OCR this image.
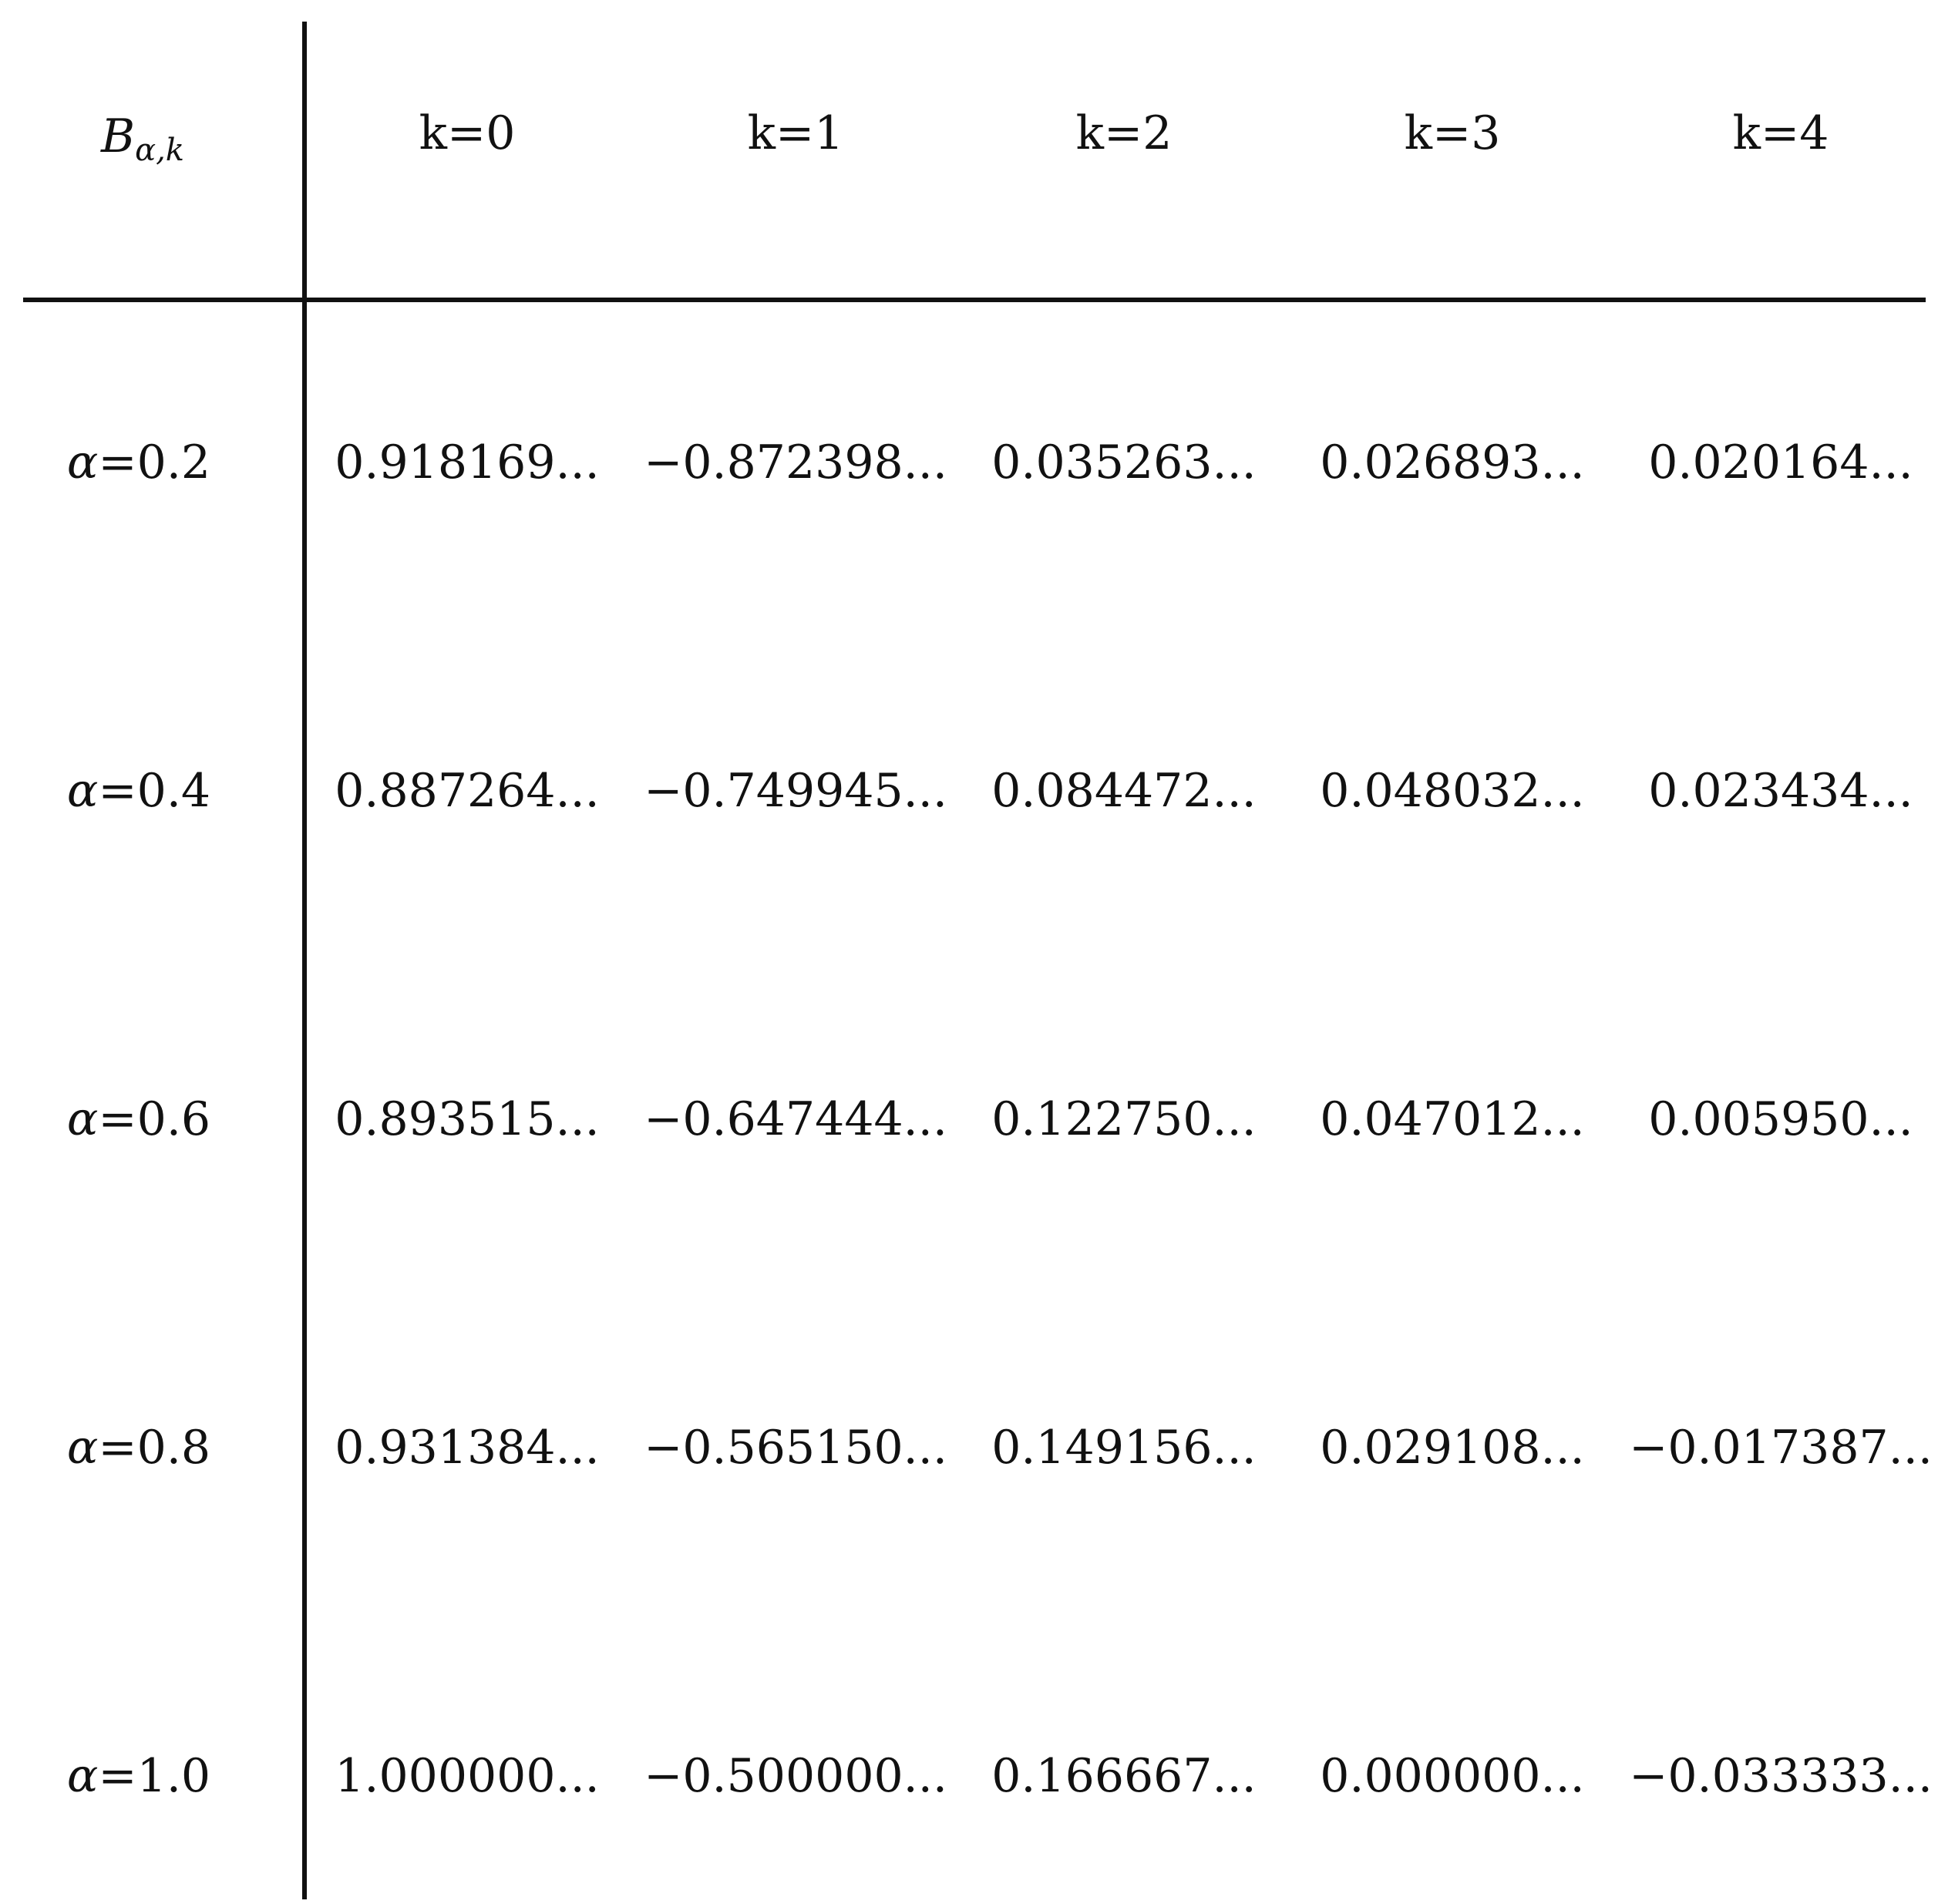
B α,k	k=0	k=1	k=2	k=3	k=4
α =0.2	0.918169... −0.872398... 0.035263...	0.026893...	0.020164...
α =0.4	0.887264... −0.749945... 0.084472...	0.048032...	0.023434...
α =0.6	0.893515... −0.647444... 0.122750...	0.047012...	0.005950...
α =0.8	0.931384... −0.565150... 0.149156...	0.029108... −0.017387...
α =1.0	1.000000... −0.500000... 0.166667...	0.000000... −0.033333...
